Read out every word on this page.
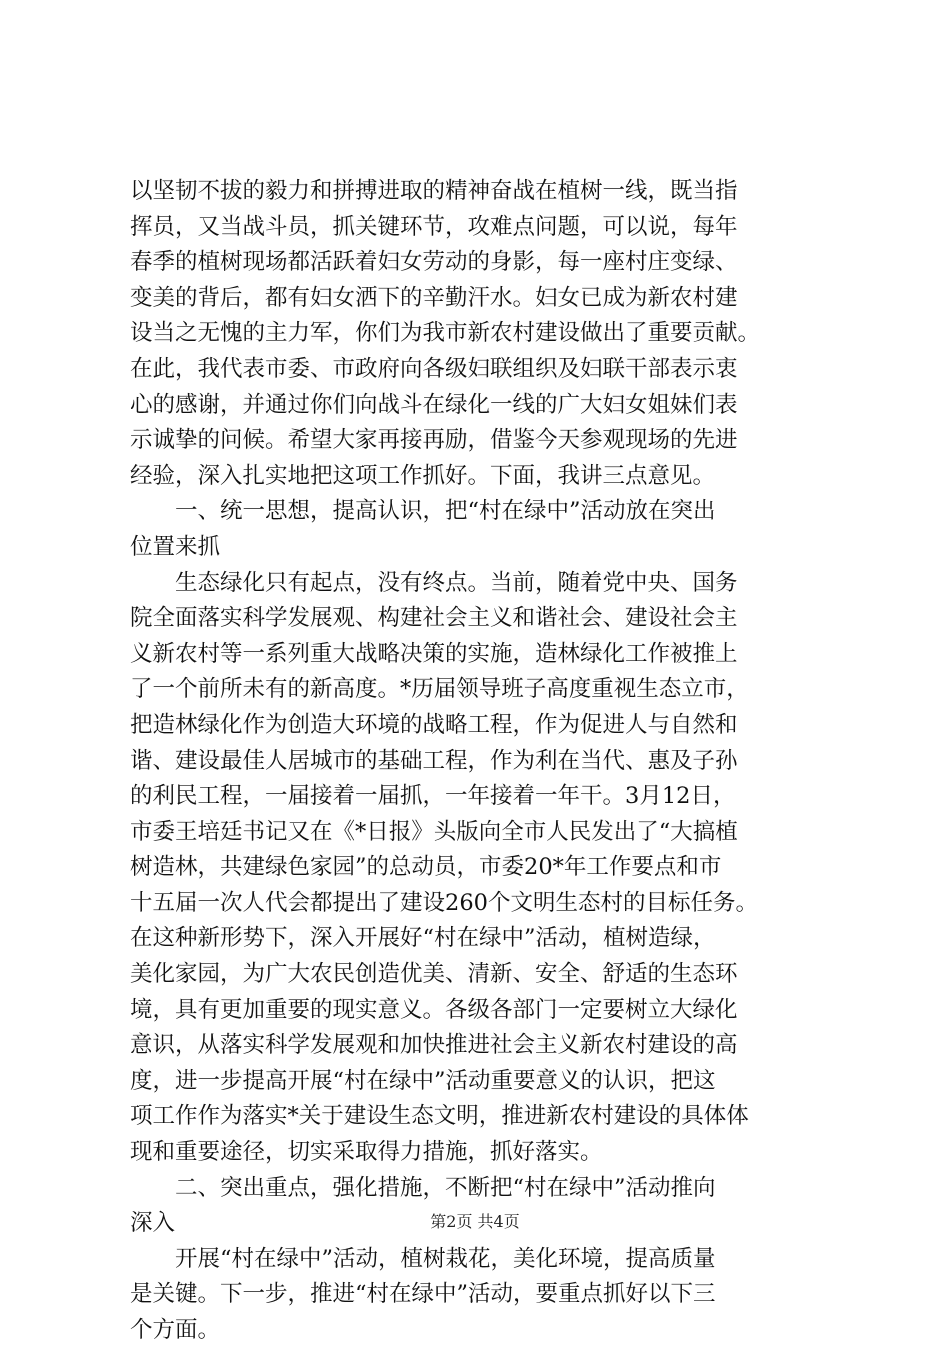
以坚韧不拔的毅力和拼搏进取的精神奋战在植树一线，既当指
挥员，又当战斗员，抓关键环节，攻难点问题，可以说，每年
春季的植树现场都活跃着妇女劳动的身影，每一座村庄变绿、
变美的背后，都有妇女洒下的辛勤汗水。妇女已成为新农村建
设当之无愧的主力军，你们为我市新农村建设做出了重要贡献。
在此，我代表市委、市政府向各级妇联组织及妇联干部表示衷
心的感谢，并通过你们向战斗在绿化一线的广大妇女姐妹们表
示诚挚的问候。希望大家再接再励，借鉴今天参观现场的先进
经验，深入扎实地把这项工作抓好。下面，我讲三点意见。
一、统一思想，提高认识，把“村在绿中”活动放在突出
位置来抓
生态绿化只有起点，没有终点。当前，随着党中央、国务
院全面落实科学发展观、构建社会主义和谐社会、建设社会主
义新农村等一系列重大战略决策的实施，造林绿化工作被推上
了一个前所未有的新高度。*历届领导班子高度重视生态立市，
把造林绿化作为创造大环境的战略工程，作为促进人与自然和
谐、建设最佳人居城市的基础工程，作为利在当代、惠及子孙
的利民工程，一届接着一届抓，一年接着一年干。3月12日，
市委王培廷书记又在《*日报》头版向全市人民发出了“大搞植
树造林，共建绿色家园”的总动员，市委20*年工作要点和市
十五届一次人代会都提出了建设260个文明生态村的目标任务。
在这种新形势下，深入开展好“村在绿中”活动，植树造绿，
美化家园，为广大农民创造优美、清新、安全、舒适的生态环
境，具有更加重要的现实意义。各级各部门一定要树立大绿化
意识，从落实科学发展观和加快推进社会主义新农村建设的高
度，进一步提高开展“村在绿中”活动重要意义的认识，把这
项工作作为落实*关于建设生态文明，推进新农村建设的具体体
现和重要途径，切实采取得力措施，抓好落实。
二、突出重点，强化措施，不断把“村在绿中”活动推向
深入
开展“村在绿中”活动，植树栽花，美化环境，提高质量
是关键。下一步，推进“村在绿中”活动，要重点抓好以下三
个方面。
第2页 共4页
